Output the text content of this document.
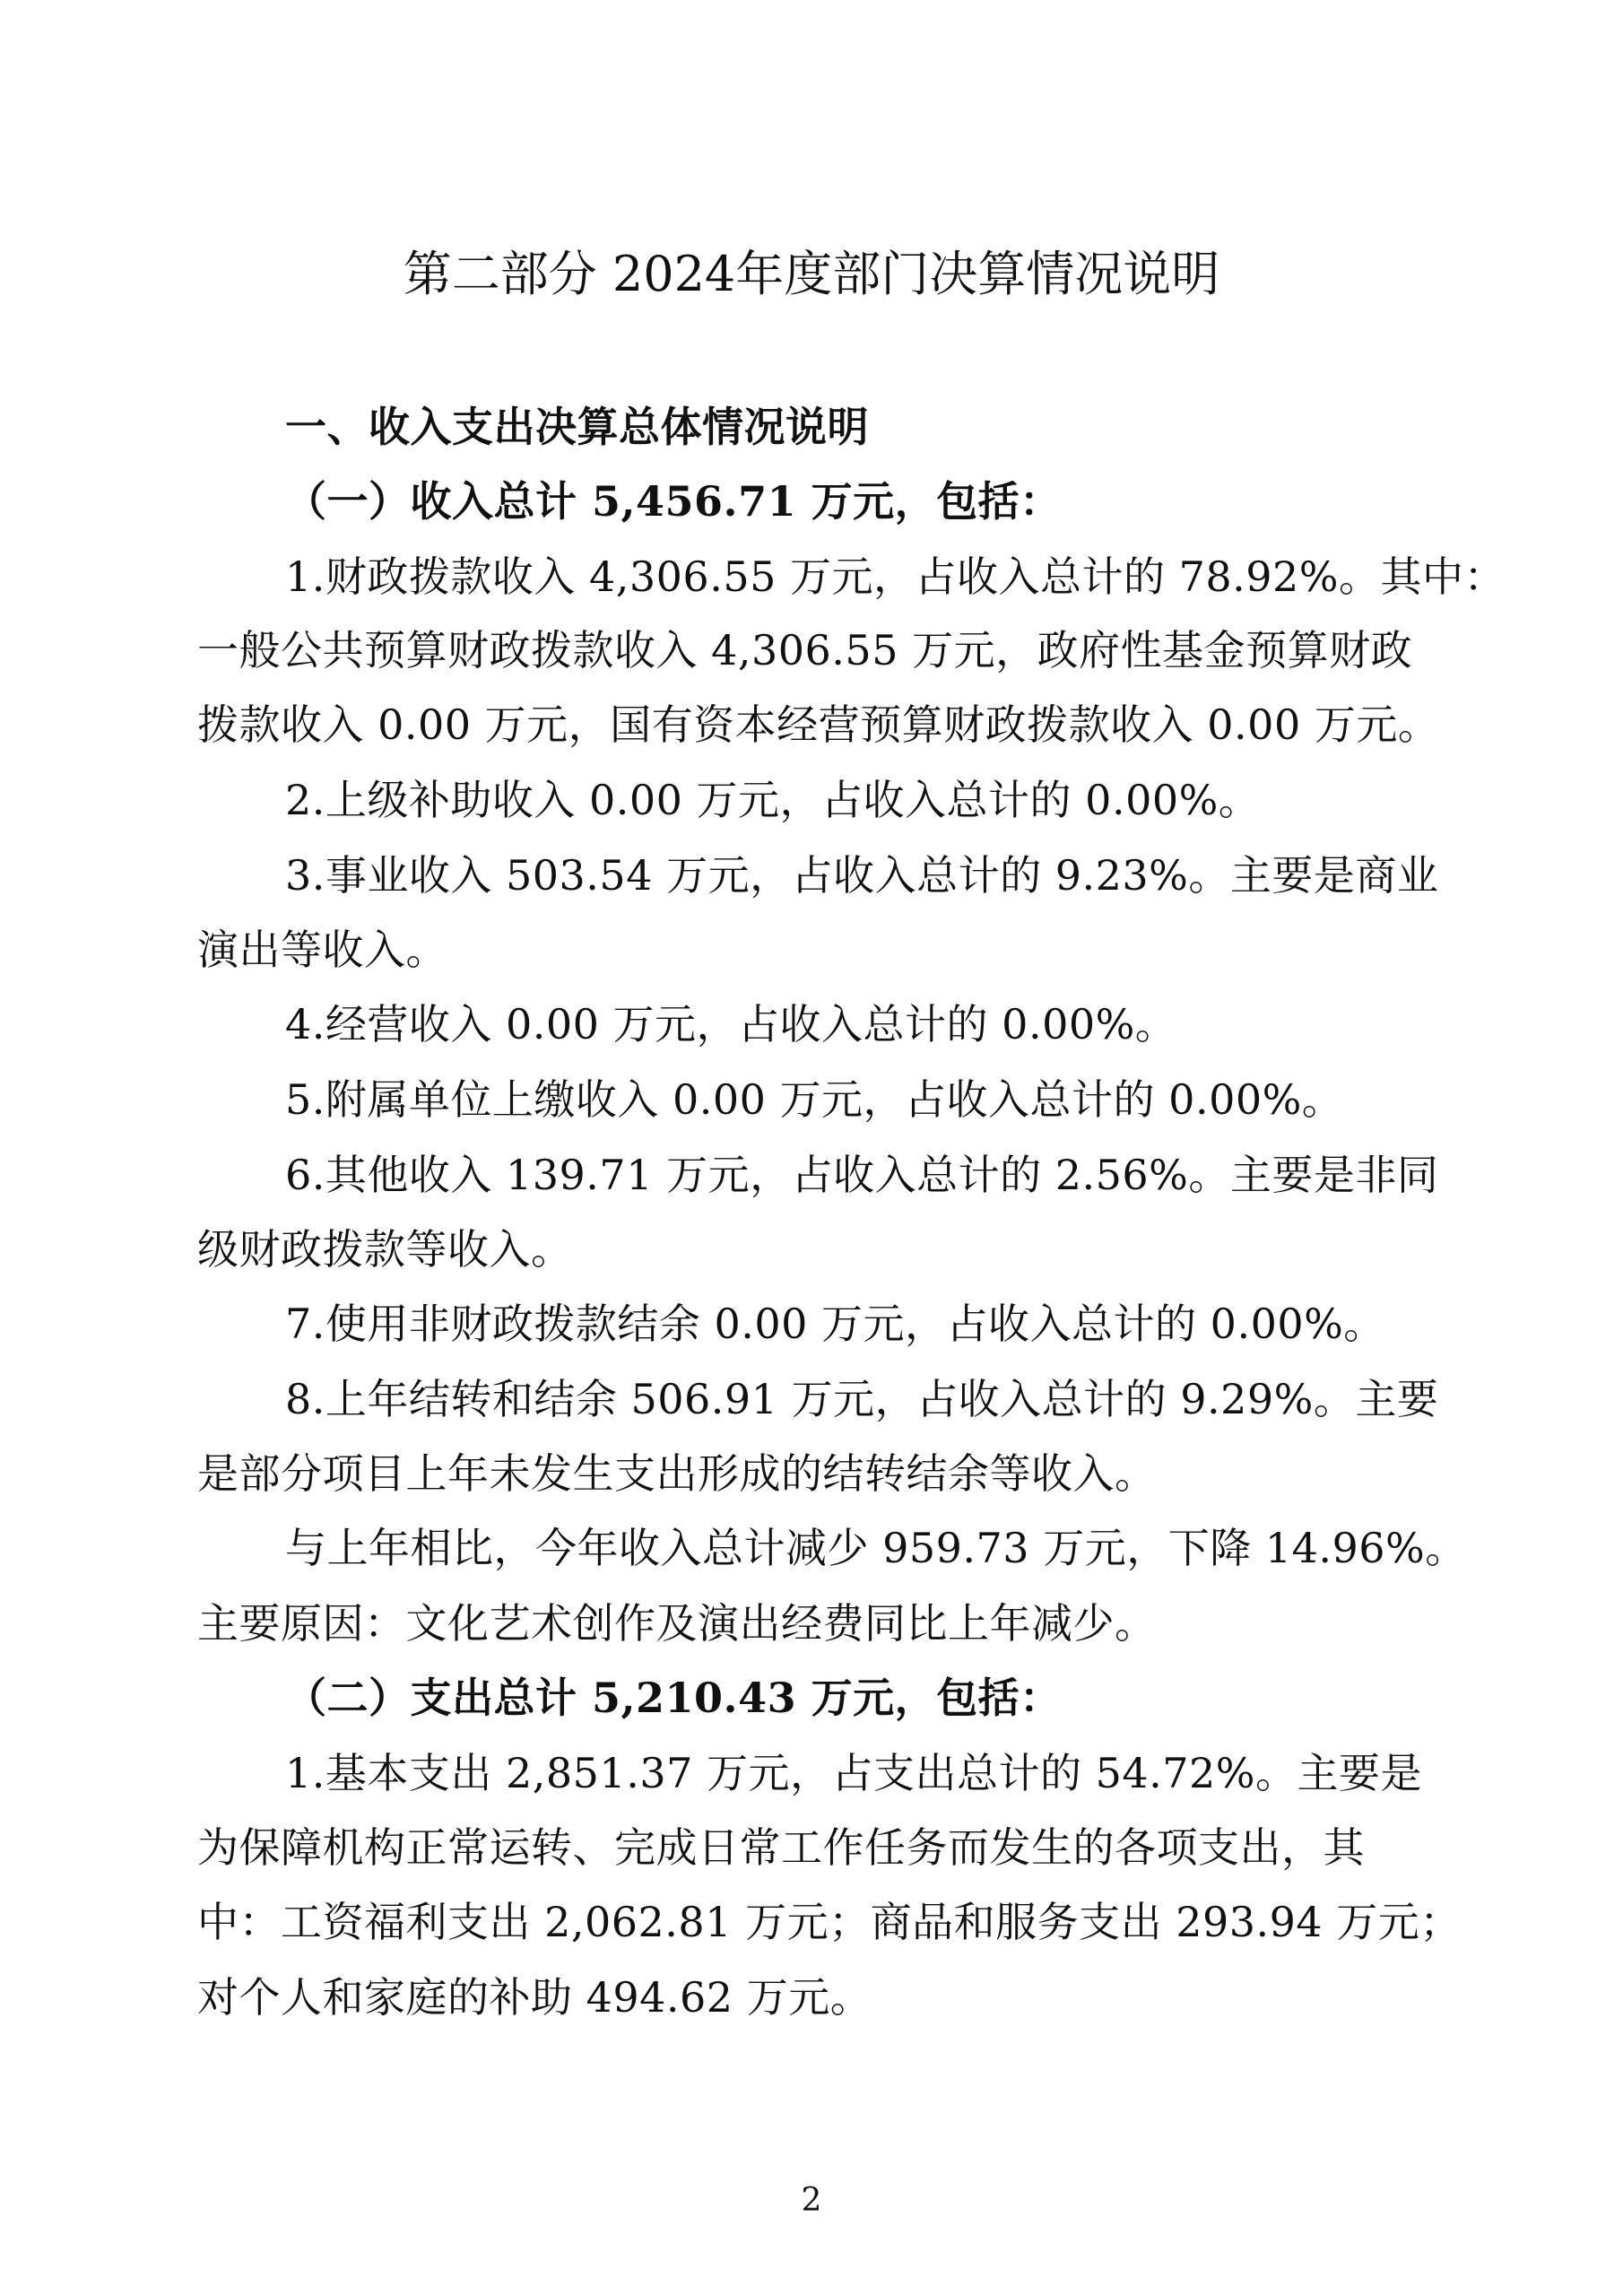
第二部分 2024年度部门决算情况说明
一、收入支出决算总体情况说明
（一）收入总计 5,456.71 万元，包括：
1.财政拨款收入 4,306.55 万元，占收入总计的 78.92%。其中：
一般公共预算财政拨款收入 4,306.55 万元，政府性基金预算财政
拨款收入 0.00 万元，国有资本经营预算财政拨款收入 0.00 万元。
2.上级补助收入 0.00 万元，占收入总计的 0.00%。
3.事业收入 503.54 万元，占收入总计的 9.23%。主要是商业
演出等收入。
4.经营收入 0.00 万元，占收入总计的 0.00%。
5.附属单位上缴收入 0.00 万元，占收入总计的 0.00%。
6.其他收入 139.71 万元，占收入总计的 2.56%。主要是非同
级财政拨款等收入。
7.使用非财政拨款结余 0.00 万元，占收入总计的 0.00%。
8.上年结转和结余 506.91 万元，占收入总计的 9.29%。主要
是部分项目上年未发生支出形成的结转结余等收入。
与上年相比，今年收入总计减少 959.73 万元，下降 14.96%。
主要原因：文化艺术创作及演出经费同比上年减少。
（二）支出总计 5,210.43 万元，包括：
1.基本支出 2,851.37 万元，占支出总计的 54.72%。主要是
为保障机构正常运转、完成日常工作任务而发生的各项支出，其
中：工资福利支出 2,062.81 万元；商品和服务支出 293.94 万元；
对个人和家庭的补助 494.62 万元。
2
